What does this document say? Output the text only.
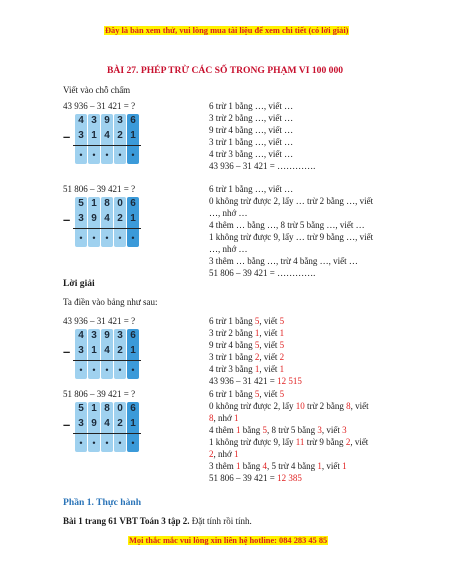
Đây là bản xem thử, vui lòng mua tài liệu để xem chi tiết (có lời giải)
BÀI 27. PHÉP TRỪ CÁC SỐ TRONG PHẠM VI 100 000
Viết vào chỗ chấm
43 936 – 31 421 = ?
–
4
3
•
3
1
•
9
4
•
3
2
•
6
1
•
6 trừ 1 bằng …, viết …
3 trừ 2 bằng …, viết …
9 trừ 4 bằng …, viết …
3 trừ 1 bằng …, viết …
4 trừ 3 bằng …, viết …
43 936 – 31 421 = ………….
51 806 – 39 421 = ?
–
5
3
•
1
9
•
8
4
•
0
2
•
6
1
•
6 trừ 1 bằng …, viết …
0 không trừ được 2, lấy … trừ 2 bằng …, viết
…, nhớ …
4 thêm … bằng …, 8 trừ 5 bằng …, viết …
1 không trừ được 9, lấy … trừ 9 bằng …, viết
…, nhớ …
3 thêm … bằng …, trừ 4 bằng …, viết …
51 806 – 39 421 = ………….
Lời giải
Ta điền vào bảng như sau:
43 936 – 31 421 = ?
–
4
3
•
3
1
•
9
4
•
3
2
•
6
1
•
6 trừ 1 bằng 5, viết 5
3 trừ 2 bằng 1, viết 1
9 trừ 4 bằng 5, viết 5
3 trừ 1 bằng 2, viết 2
4 trừ 3 bằng 1, viết 1
43 936 – 31 421 = 12 515
51 806 – 39 421 = ?
–
5
3
•
1
9
•
8
4
•
0
2
•
6
1
•
6 trừ 1 bằng 5, viết 5
0 không trừ được 2, lấy 10 trừ 2 bằng 8, viết
8, nhớ 1
4 thêm 1 bằng 5, 8 trừ 5 bằng 3, viết 3
1 không trừ được 9, lấy 11 trừ 9 bằng 2, viết
2, nhớ 1
3 thêm 1 bằng 4, 5 trừ 4 bằng 1, viết 1
51 806 – 39 421 = 12 385
Phần 1. Thực hành
Bài 1 trang 61 VBT Toán 3 tập 2. Đặt tính rồi tính.
Mọi thắc mắc vui lòng xin liên hệ hotline: 084 283 45 85
